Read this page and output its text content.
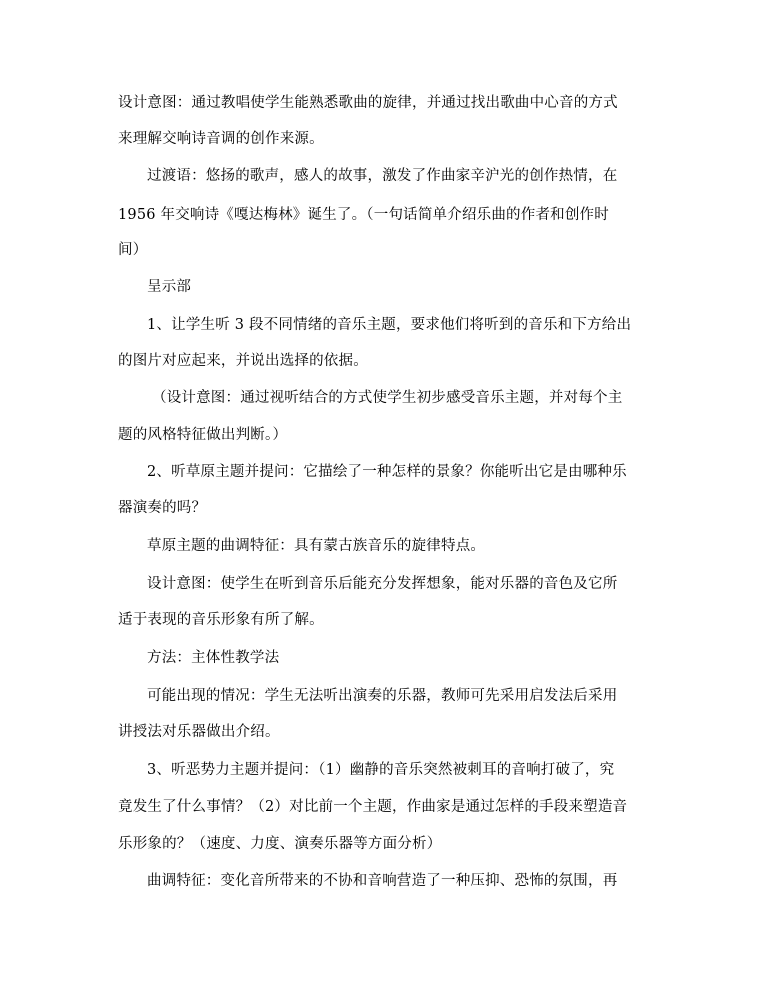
设计意图：通过教唱使学生能熟悉歌曲的旋律，并通过找出歌曲中心音的方式
来理解交响诗音调的创作来源。
过渡语：悠扬的歌声，感人的故事，激发了作曲家辛沪光的创作热情，在
1956 年交响诗《嘎达梅林》诞生了。（一句话简单介绍乐曲的作者和创作时
间）
呈示部
1、让学生听 3 段不同情绪的音乐主题，要求他们将听到的音乐和下方给出
的图片对应起来，并说出选择的依据。
（设计意图：通过视听结合的方式使学生初步感受音乐主题，并对每个主
题的风格特征做出判断。）
2、听草原主题并提问：它描绘了一种怎样的景象？你能听出它是由哪种乐
器演奏的吗？
草原主题的曲调特征：具有蒙古族音乐的旋律特点。
设计意图：使学生在听到音乐后能充分发挥想象，能对乐器的音色及它所
适于表现的音乐形象有所了解。
方法：主体性教学法
可能出现的情况：学生无法听出演奏的乐器，教师可先采用启发法后采用
讲授法对乐器做出介绍。
3、听恶势力主题并提问：（1）幽静的音乐突然被刺耳的音响打破了，究
竟发生了什么事情？（2）对比前一个主题，作曲家是通过怎样的手段来塑造音
乐形象的？（速度、力度、演奏乐器等方面分析）
曲调特征：变化音所带来的不协和音响营造了一种压抑、恐怖的氛围，再
